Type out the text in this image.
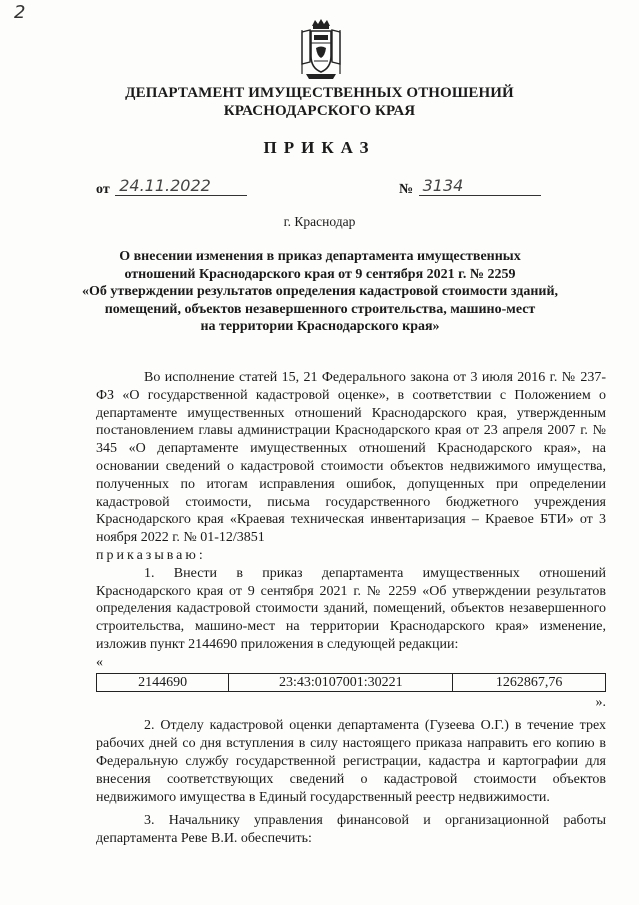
2
ДЕПАРТАМЕНТ ИМУЩЕСТВЕННЫХ ОТНОШЕНИЙ
КРАСНОДАРСКОГО КРАЯ
ПРИКАЗ
от 24.11.2022	№ 3134
г. Краснодар
О внесении изменения в приказ департамента имущественных
отношений Краснодарского края от 9 сентября 2021 г. № 2259
«Об утверждении результатов определения кадастровой стоимости зданий,
помещений, объектов незавершенного строительства, машино-мест
на территории Краснодарского края»

Во исполнение статей 15, 21 Федерального закона от 3 июля 2016 г. № 237-ФЗ «О государственной кадастровой оценке», в соответствии с Положением о департаменте имущественных отношений Краснодарского края, утвержденным постановлением главы администрации Краснодарского края от 23 апреля 2007 г. № 345 «О департаменте имущественных отношений Краснодарского края», на основании сведений о кадастровой стоимости объектов недвижимого имущества, полученных по итогам исправления ошибок, допущенных при определении кадастровой стоимости, письма государственного бюджетного учреждения Краснодарского края «Краевая техническая инвентаризация – Краевое БТИ» от 3 ноября 2022 г. № 01-12/3851

приказываю:

1. Внести в приказ департамента имущественных отношений Краснодарского края от 9 сентября 2021 г. № 2259 «Об утверждении результатов определения кадастровой стоимости зданий, помещений, объектов незавершенного строительства, машино-мест на территории Краснодарского края» изменение, изложив пункт 2144690 приложения в следующей редакции:

«

2144690	23:43:0107001:30221	1262867,76

».

2. Отделу кадастровой оценки департамента (Гузеева О.Г.) в течение трех рабочих дней со дня вступления в силу настоящего приказа направить его копию в Федеральную службу государственной регистрации, кадастра и картографии для внесения соответствующих сведений о кадастровой стоимости объектов недвижимого имущества в Единый государственный реестр недвижимости.

3. Начальнику управления финансовой и организационной работы департамента Реве В.И. обеспечить:
